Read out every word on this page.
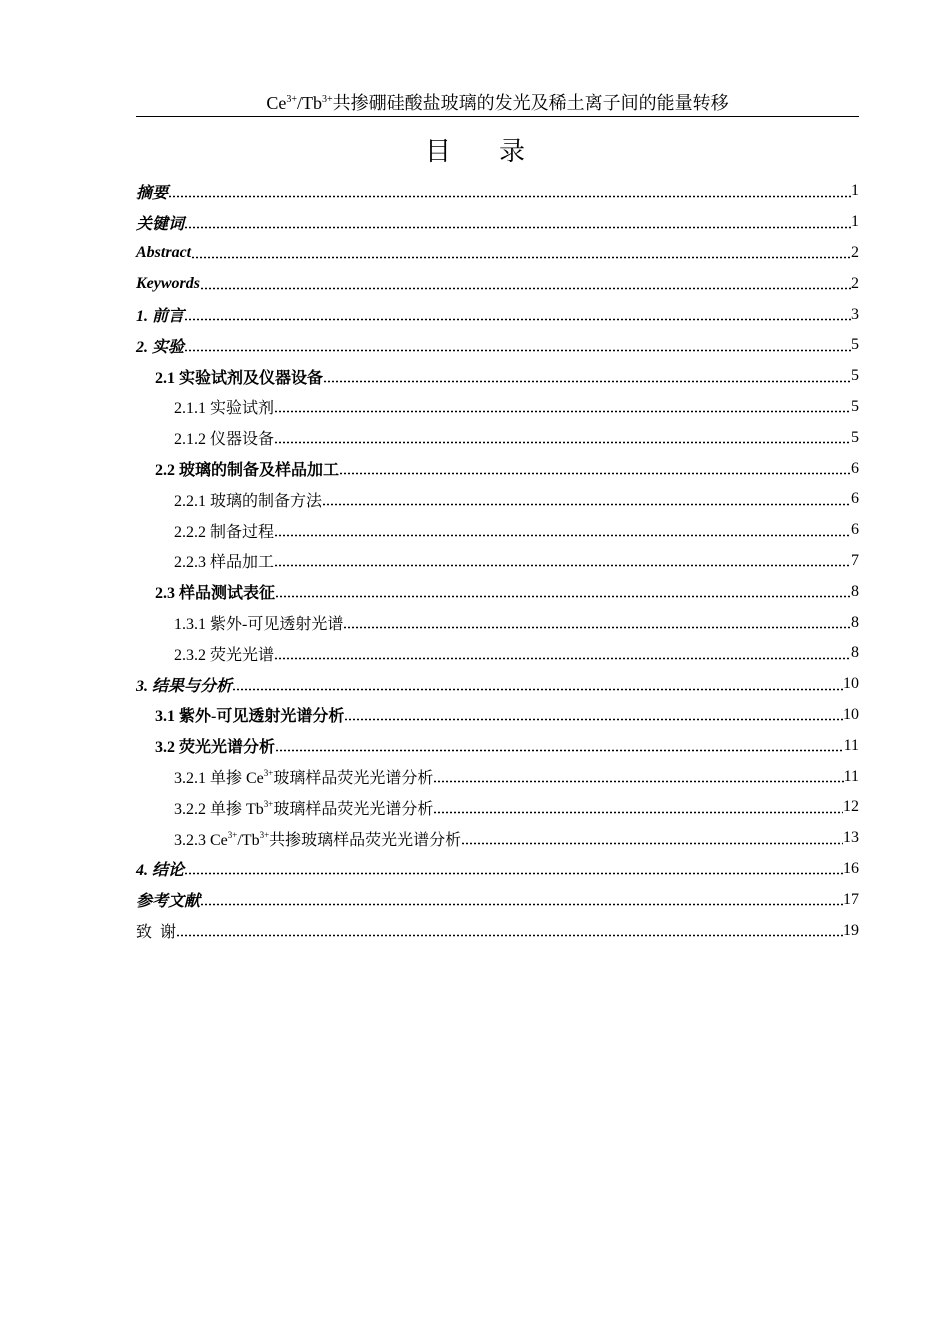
$Ce^{3+}/Tb^{3+}$共掺硼硅酸盐玻璃的发光及稀土离子间的能量转移
目 录
摘要	1
关键词	1
Abstract	2
Keywords	2
1. 前言	3
2. 实验	5
2.1 实验试剂及仪器设备	5
2.1.1 实验试剂	5
2.1.2 仪器设备	5
2.2 玻璃的制备及样品加工	6
2.2.1 玻璃的制备方法	6
2.2.2 制备过程	6
2.2.3 样品加工	7
2.3 样品测试表征	8
1.3.1 紫外-可见透射光谱	8
2.3.2 荧光光谱	8
3. 结果与分析	10
3.1 紫外-可见透射光谱分析	10
3.2 荧光光谱分析	11
3.2.1 单掺 $Ce^{3+}$玻璃样品荧光光谱分析	11
3.2.2 单掺 $Tb^{3+}$玻璃样品荧光光谱分析	12
3.2.3 $Ce^{3+}/Tb^{3+}$共掺玻璃样品荧光光谱分析	13
4. 结论	16
参考文献	17
致  谢	19
